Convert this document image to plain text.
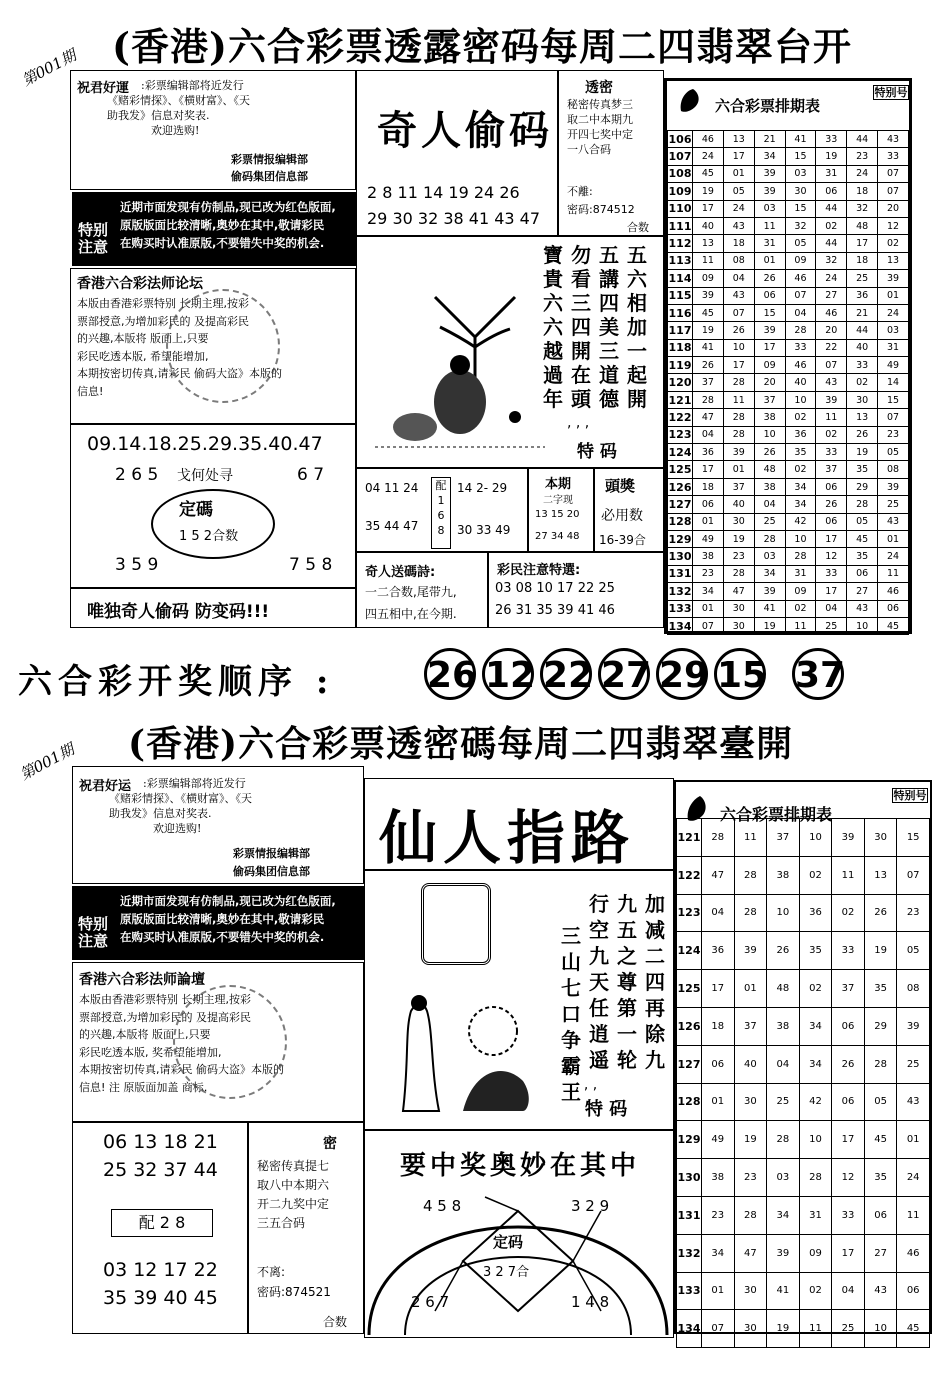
第001期 (香港)六合彩票透露密码每周二四翡翠台开
祝君好運 :彩票编辑部将近发行
《赌彩情探》、《横财富》、《天
助我发》信息对奖表.
欢迎选购!
彩票情报编辑部
偷码集团信息部
特别注意
近期市面发现有仿制品,现已改为红色版面,
原版版面比较清晰,奥妙在其中,敬请彩民
在购买时认准原版,不要错失中奖的机会.
香港六合彩法师论坛
本版由香港彩票特别 长期主理,按彩
票部授意,为增加彩民的 及提高彩民
的兴趣,本版将 版面上,只要
彩民吃透本版, 希望能增加,
本期按密切传真,请彩民 偷码大盗》本版的
信息!
09.14.18.25.29.35.40.47
2 6 5 戈何处寻	6 7
定碼
1 5 2合数
3 5 9	7 5 8
唯独奇人偷码 防变码!!!
奇人偷码
2 8 11 14 19 24 26
29 30 32 38 41 43 47
透密
秘密传真梦三
取二中本期九
开四七奖中定
一八合码
不離:
密码:874512
合数
寶貴六六越過年
勿看三四開在頭
五講四美三道德
五六相加一起開
, , ,
特 码
04 11 24
35 44 47
配
1
6
8
14 2- 29
30 33 49
本期
二字现
13 15 20
27 34 48
頭獎
必用数
16-39合
奇人送碼詩:
一二合数,尾带九,
四五相中,在今期.
彩民注意特選:
03 08 10 17 22 25
26 31 35 39 41 46
六合彩票排期表
特别号
106	46	13	21	41	33	44	43
107	24	17	34	15	19	23	33
108	45	01	39	03	31	24	07
109	19	05	39	30	06	18	07
110	17	24	03	15	44	32	20
111	40	43	11	32	02	48	12
112	13	18	31	05	44	17	02
113	11	08	01	09	32	18	13
114	09	04	26	46	24	25	39
115	39	43	06	07	27	36	01
116	45	07	15	04	46	21	24
117	19	26	39	28	20	44	03
118	41	10	17	33	22	40	31
119	26	17	09	46	07	33	49
120	37	28	20	40	43	02	14
121	28	11	37	10	39	30	15
122	47	28	38	02	11	13	07
123	04	28	10	36	02	26	23
124	36	39	26	35	33	19	05
125	17	01	48	02	37	35	08
126	18	37	38	34	06	29	39
127	06	40	04	34	26	28	25
128	01	30	25	42	06	05	43
129	49	19	28	10	17	45	01
130	38	23	03	28	12	35	24
131	23	28	34	31	33	06	11
132	34	47	39	09	17	27	46
133	01	30	41	02	04	43	06
134	07	30	19	11	25	10	45
六合彩开奖顺序 :	26 12 22 27 29 15 37
第001期 (香港)六合彩票透密碼每周二四翡翠臺開
祝君好运 :彩票编辑部将近发行
《赌彩情探》、《横财富》、《天
助我发》信息对奖表.
欢迎选购!
彩票情报编辑部
偷码集团信息部
特别注意
近期市面发现有仿制品,现已改为红色版面,
原版版面比较清晰,奥妙在其中,敬请彩民
在购买时认准原版,不要错失中奖的机会.
香港六合彩法师論壇
本版由香港彩票特别 长期主理,按彩
票部授意,为增加彩民的 及提高彩民
的兴趣,本版将 版面上,只要
彩民吃透本版, 奖希望能增加,
本期按密切传真,请彩民 偷码大盗》本版的
信息! 注 原版面加盖 商标.
06 13 18 21
25 32 37 44
配 2 8
03 12 17 22
35 39 40 45
密
秘密传真提七
取八中本期六
开二九奖中定
三五合码
不离:
密码:874521
合数
仙人指路
三山七口争霸王
行空九天任逍遥
九五之尊第一轮
加减二四再除九
, , ,
特 码
要中奖奥妙在其中
4 5 8	3 2 9
定码
3 2 7合
2 6 7	1 4 8
六合彩票排期表
特别号
121	28	11	37	10	39	30	15
122	47	28	38	02	11	13	07
123	04	28	10	36	02	26	23
124	36	39	26	35	33	19	05
125	17	01	48	02	37	35	08
126	18	37	38	34	06	29	39
127	06	40	04	34	26	28	25
128	01	30	25	42	06	05	43
129	49	19	28	10	17	45	01
130	38	23	03	28	12	35	24
131	23	28	34	31	33	06	11
132	34	47	39	09	17	27	46
133	01	30	41	02	04	43	06
134	07	30	19	11	25	10	45
